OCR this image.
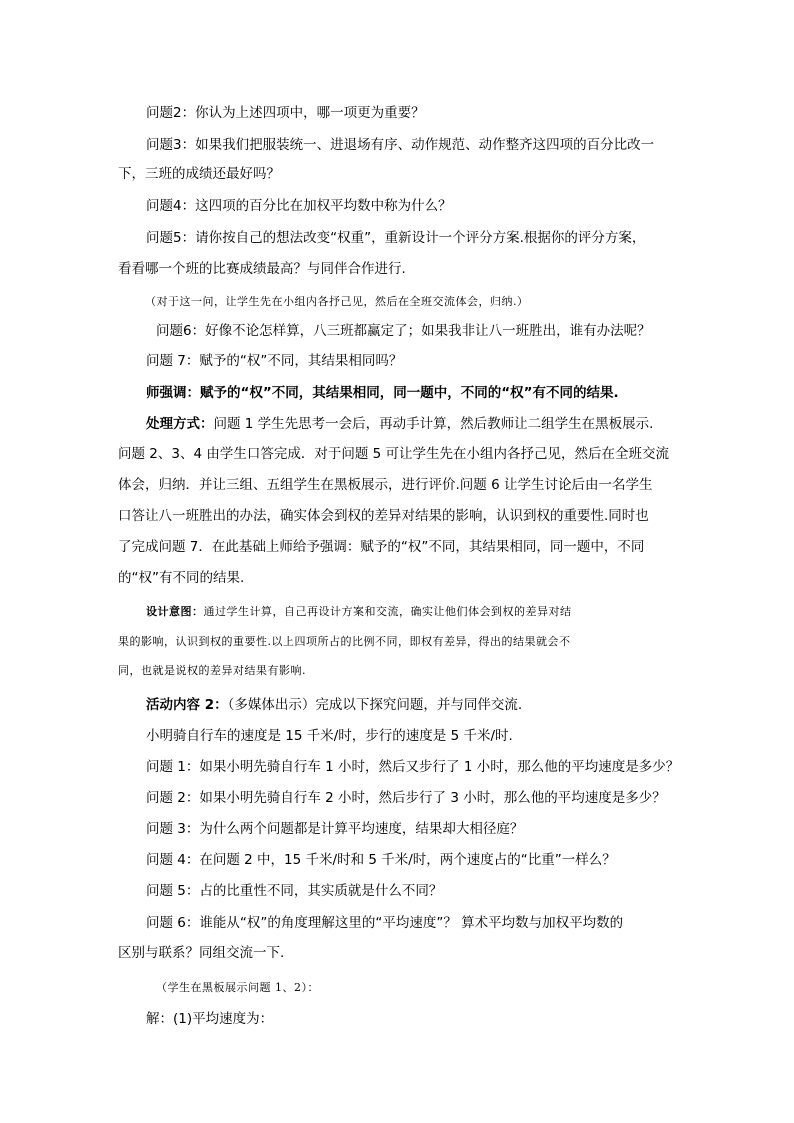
问题2：你认为上述四项中，哪一项更为重要？
问题3：如果我们把服装统一、进退场有序、动作规范、动作整齐这四项的百分比改一
下，三班的成绩还最好吗？
问题4：这四项的百分比在加权平均数中称为什么？
问题5：请你按自己的想法改变“权重”，重新设计一个评分方案.根据你的评分方案，
看看哪一个班的比赛成绩最高？与同伴合作进行.
（对于这一问，让学生先在小组内各抒己见，然后在全班交流体会，归纳.）
问题6：好像不论怎样算，八三班都赢定了；如果我非让八一班胜出，谁有办法呢？
问题 7：赋予的“权”不同，其结果相同吗？
师强调：赋予的“权”不同，其结果相同，同一题中，不同的“权”有不同的结果.
处理方式：问题 1 学生先思考一会后，再动手计算，然后教师让二组学生在黑板展示.
问题 2、3、4 由学生口答完成．对于问题 5 可让学生先在小组内各抒己见，然后在全班交流
体会，归纳．并让三组、五组学生在黑板展示，进行评价.问题 6 让学生讨论后由一名学生
口答让八一班胜出的办法，确实体会到权的差异对结果的影响，认识到权的重要性.同时也
了完成问题 7．在此基础上师给予强调：赋予的“权”不同，其结果相同，同一题中，不同
的“权”有不同的结果.
设计意图：通过学生计算，自己再设计方案和交流，确实让他们体会到权的差异对结
果的影响，认识到权的重要性.以上四项所占的比例不同，即权有差异，得出的结果就会不
同，也就是说权的差异对结果有影响.
活动内容 2：（多媒体出示）完成以下探究问题，并与同伴交流.
小明骑自行车的速度是 15 千米/时，步行的速度是 5 千米/时.
问题 1：如果小明先骑自行车 1 小时，然后又步行了 1 小时，那么他的平均速度是多少？
问题 2：如果小明先骑自行车 2 小时，然后步行了 3 小时，那么他的平均速度是多少？
问题 3：为什么两个问题都是计算平均速度，结果却大相径庭？
问题 4：在问题 2 中，15 千米/时和 5 千米/时，两个速度占的“比重”一样么？
问题 5：占的比重性不同，其实质就是什么不同？
问题 6：谁能从“权”的角度理解这里的“平均速度”？ 算术平均数与加权平均数的
区别与联系？同组交流一下.
（学生在黑板展示问题 1、2）：
解：(1)平均速度为：
